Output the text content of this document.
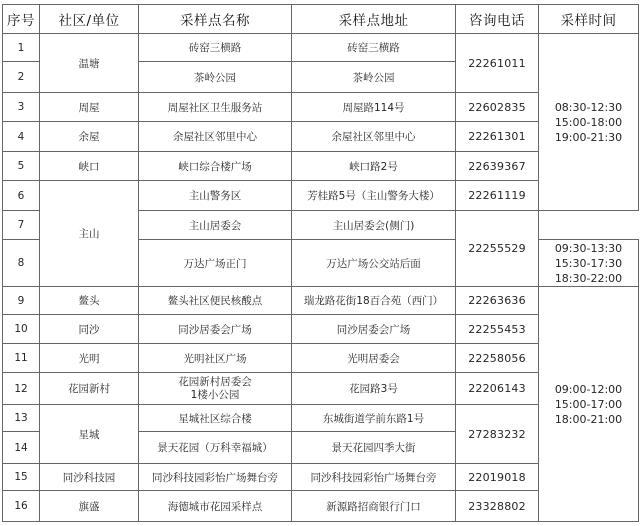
序号	社区/单位	采样点名称	采样点地址	咨询电话	采样时间
1	温塘	砖窑三横路	砖窑三横路	22261011	08:30-12:30
15:00-18:00
19:00-21:30
2		茶岭公园	茶岭公园		
3	周屋	周屋社区卫生服务站	周屋路114号	22602835	
4	余屋	余屋社区邻里中心	余屋社区邻里中心	22261301	
5	峡口	峡口综合楼广场	峡口路2号	22639367	
6	主山	主山警务区	芳桂路5号（主山警务大楼）	22261119	
7		主山居委会	主山居委会(侧门)	22255529	
8		万达广场正门	万达广场公交站后面		09:30-13:30
15:30-17:30
18:30-22:00
9	鳌头	鳌头社区便民核酸点	瑞龙路花街18百合苑（西门）	22263636	09:00-12:00
15:00-17:00
18:00-21:00
10	同沙	同沙居委会广场	同沙居委会广场	22255453	
11	光明	光明社区广场	光明居委会	22258056	
12	花园新村	花园新村居委会
1楼小公园	花园路3号	22206143	
13	星城	星城社区综合楼	东城街道学前东路1号	27283232	
14		景天花园（万科幸福城）	景天花园四季大街		
15	同沙科技园	同沙科技园彩怡广场舞台旁	同沙科技园彩怡广场舞台旁	22019018	
16	旗盛	海德城市花园采样点	新源路招商银行门口	23328802	
